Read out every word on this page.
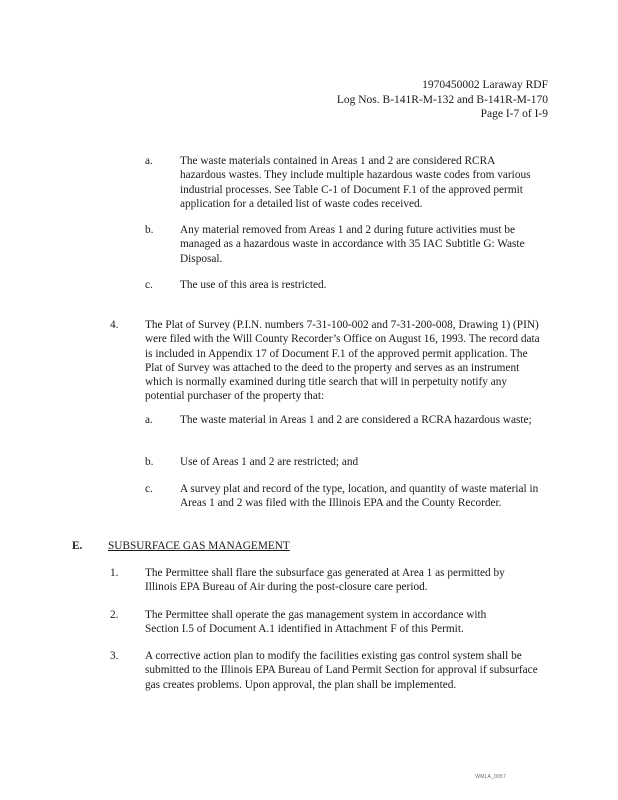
1970450002 Laraway RDF
Log Nos. B-141R-M-132 and B-141R-M-170
Page I-7 of I-9
a. The waste materials contained in Areas 1 and 2 are considered RCRA hazardous wastes. They include multiple hazardous waste codes from various industrial processes. See Table C-1 of Document F.1 of the approved permit application for a detailed list of waste codes received.

b. Any material removed from Areas 1 and 2 during future activities must be managed as a hazardous waste in accordance with 35 IAC Subtitle G: Waste Disposal.

c. The use of this area is restricted.

4. The Plat of Survey (P.I.N. numbers 7-31-100-002 and 7-31-200-008, Drawing 1) (PIN) were filed with the Will County Recorder’s Office on August 16, 1993. The record data is included in Appendix 17 of Document F.1 of the approved permit application. The Plat of Survey was attached to the deed to the property and serves as an instrument which is normally examined during title search that will in perpetuity notify any potential purchaser of the property that:

a. The waste material in Areas 1 and 2 are considered a RCRA hazardous waste;

b. Use of Areas 1 and 2 are restricted; and

c. A survey plat and record of the type, location, and quantity of waste material in Areas 1 and 2 was filed with the Illinois EPA and the County Recorder.

E. SUBSURFACE GAS MANAGEMENT
1. The Permittee shall flare the subsurface gas generated at Area 1 as permitted by Illinois EPA Bureau of Air during the post-closure care period.

2. The Permittee shall operate the gas management system in accordance with Section I.5 of Document A.1 identified in Attachment F of this Permit.

3. A corrective action plan to modify the facilities existing gas control system shall be submitted to the Illinois EPA Bureau of Land Permit Section for approval if subsurface gas creates problems. Upon approval, the plan shall be implemented.

WMLA_0057
